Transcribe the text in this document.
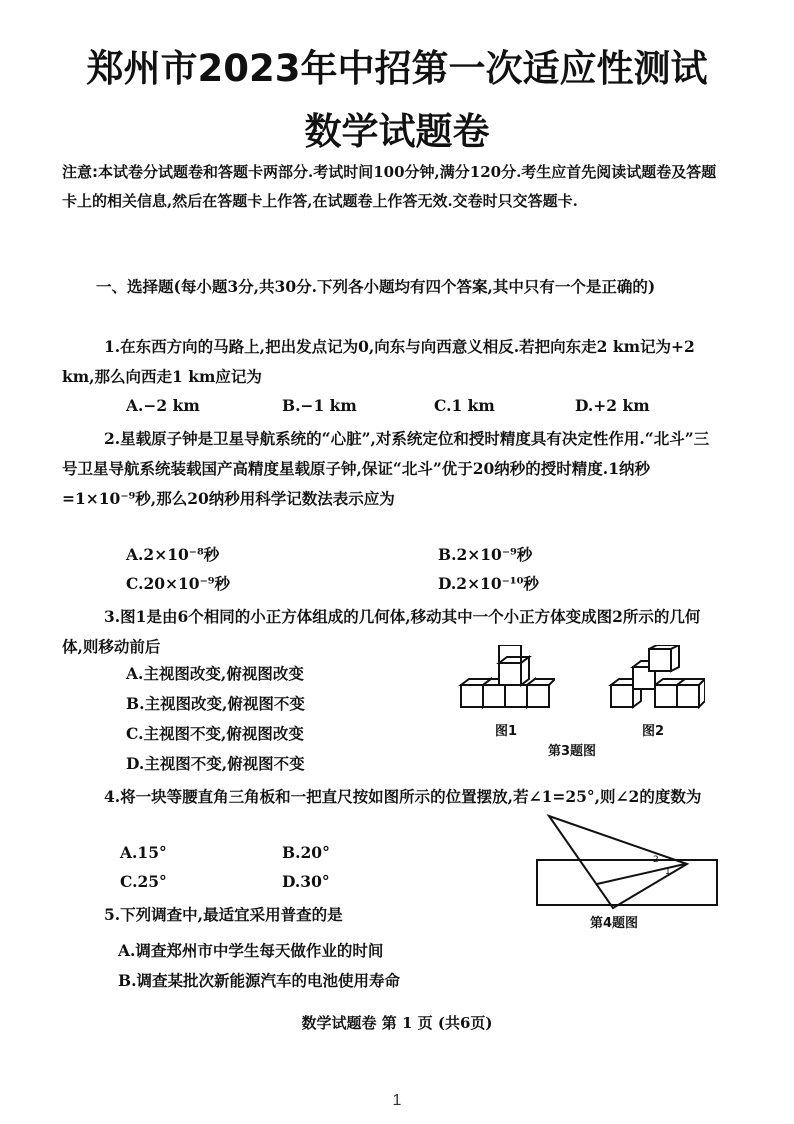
郑州市2023年中招第一次适应性测试
数学试题卷
注意:本试卷分试题卷和答题卡两部分.考试时间100分钟,满分120分.考生应首先阅读试题卷及答题卡上的相关信息,然后在答题卡上作答,在试题卷上作答无效.交卷时只交答题卡.
一、选择题(每小题3分,共30分.下列各小题均有四个答案,其中只有一个是正确的)
1.在东西方向的马路上,把出发点记为0,向东与向西意义相反.若把向东走2 km记为+2 km,那么向西走1 km应记为
A.−2 km	B.−1 km	C.1 km	D.+2 km
2.星载原子钟是卫星导航系统的“心脏”,对系统定位和授时精度具有决定性作用.“北斗”三号卫星导航系统装载国产高精度星载原子钟,保证“北斗”优于20纳秒的授时精度.1纳秒=1×10⁻⁹秒,那么20纳秒用科学记数法表示应为
A.2×10⁻⁸秒	B.2×10⁻⁹秒
C.20×10⁻⁹秒	D.2×10⁻¹⁰秒
3.图1是由6个相同的小正方体组成的几何体,移动其中一个小正方体变成图2所示的几何体,则移动前后
A.主视图改变,俯视图改变
B.主视图改变,俯视图不变
C.主视图不变,俯视图改变
D.主视图不变,俯视图不变
图1	图2
第3题图
4.将一块等腰直角三角板和一把直尺按如图所示的位置摆放,若∠1=25°,则∠2的度数为
A.15°	B.20°
C.25°	D.30°
2
1
第4题图
5.下列调查中,最适宜采用普查的是
A.调查郑州市中学生每天做作业的时间
B.调查某批次新能源汽车的电池使用寿命
数学试题卷 第 1 页 (共6页)
1
